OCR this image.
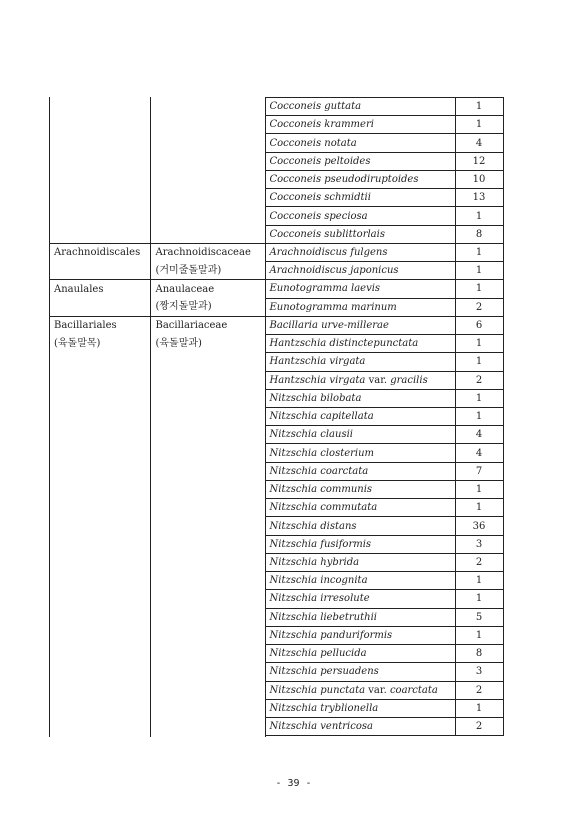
		Cocconeis guttata	1
		Cocconeis krammeri	1
		Cocconeis notata	4
		Cocconeis peltoides	12
		Cocconeis pseudodiruptoides	10
		Cocconeis schmidtii	13
		Cocconeis speciosa	1
		Cocconeis sublittorlais	8
Arachnoidiscales	Arachnoidiscaceae	Arachnoidiscus fulgens	1
	(거미줄돌말과)	Arachnoidiscus japonicus	1
Anaulales	Anaulaceae	Eunotogramma laevis	1
	(짱지돌말과)	Eunotogramma marinum	2
Bacillariales	Bacillariaceae	Bacillaria urve-millerae	6
(육돌말목)	(육돌말과)	Hantzschia distinctepunctata	1
		Hantzschia virgata	1
		Hantzschia virgata var. gracilis	2
		Nitzschia bilobata	1
		Nitzschia capitellata	1
		Nitzschia clausii	4
		Nitzschia closterium	4
		Nitzschia coarctata	7
		Nitzschia communis	1
		Nitzschia commutata	1
		Nitzschia distans	36
		Nitzschia fusiformis	3
		Nitzschia hybrida	2
		Nitzschia incognita	1
		Nitzschia irresolute	1
		Nitzschia liebetruthii	5
		Nitzschia panduriformis	1
		Nitzschia pellucida	8
		Nitzschia persuadens	3
		Nitzschia punctata var. coarctata	2
		Nitzschia tryblionella	1
		Nitzschia ventricosa	2
- 39 -
